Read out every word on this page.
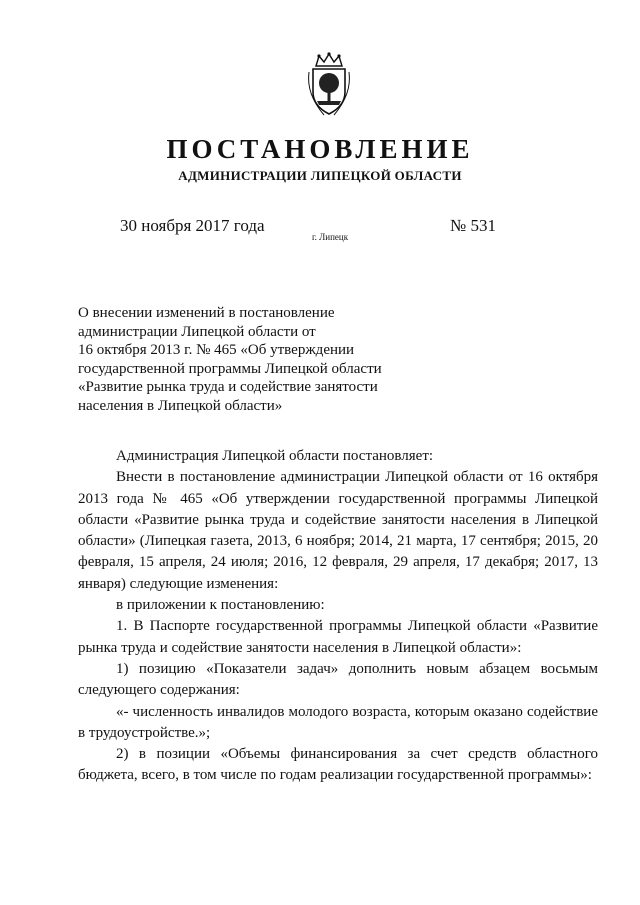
ПОСТАНОВЛЕНИЕ
АДМИНИСТРАЦИИ ЛИПЕЦКОЙ ОБЛАСТИ
30 ноября 2017 года
г. Липецк
№ 531
О внесении изменений в постановление
администрации Липецкой области от
16 октября 2013 г. № 465 «Об утверждении
государственной программы Липецкой области
«Развитие рынка труда и содействие занятости
населения в Липецкой области»

Администрация Липецкой области постановляет:

Внести в постановление администрации Липецкой области от 16 октября 2013 года № 465 «Об утверждении государственной программы Липецкой области «Развитие рынка труда и содействие занятости населения в Липецкой области» (Липецкая газета, 2013, 6 ноября; 2014, 21 марта, 17 сентября; 2015, 20 февраля, 15 апреля, 24 июля; 2016, 12 февраля, 29 апреля, 17 декабря; 2017, 13 января) следующие изменения:

в приложении к постановлению:

1. В Паспорте государственной программы Липецкой области «Развитие рынка труда и содействие занятости населения в Липецкой области»:

1) позицию «Показатели задач» дополнить новым абзацем восьмым следующего содержания:

«- численность инвалидов молодого возраста, которым оказано содействие в трудоустройстве.»;

2) в позиции «Объемы финансирования за счет средств областного бюджета, всего, в том числе по годам реализации государственной программы»:
